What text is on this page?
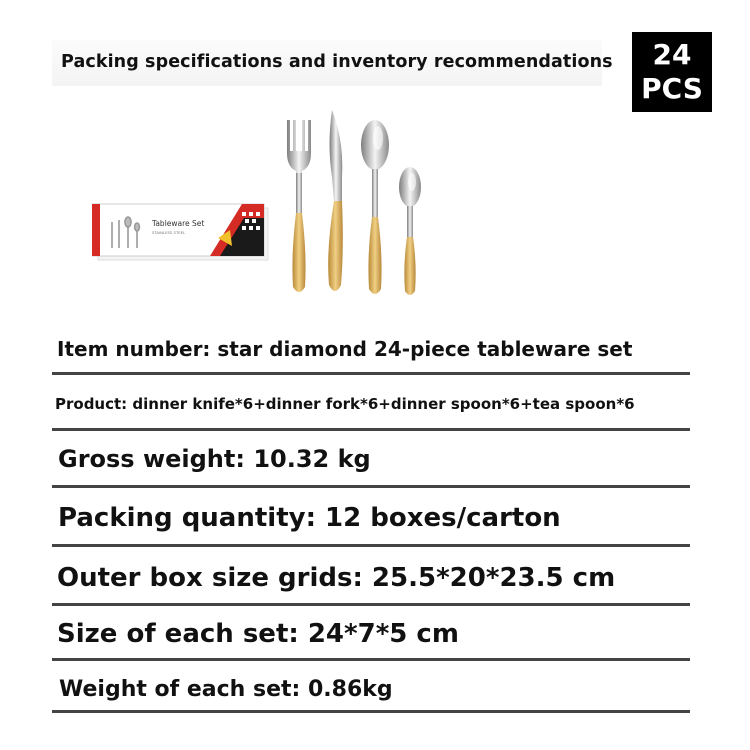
Packing specifications and inventory recommendations	24
PCS
Tableware Set
STAINLESS STEEL
Item number: star diamond 24-piece tableware set
Product: dinner knife*6+dinner fork*6+dinner spoon*6+tea spoon*6
Gross weight: 10.32 kg
Packing quantity: 12 boxes/carton
Outer box size grids: 25.5*20*23.5 cm
Size of each set: 24*7*5 cm
Weight of each set: 0.86kg
